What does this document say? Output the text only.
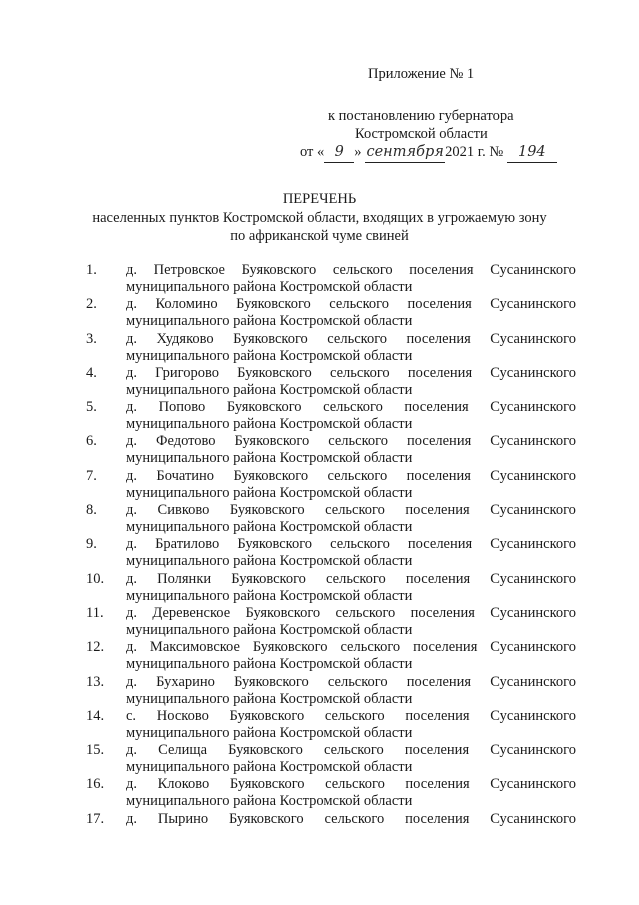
Приложение № 1
к постановлению губернатора
Костромской области
от « 9 » сентября2021 г. № 194
ПЕРЕЧЕНЬ
населенных пунктов Костромской области, входящих в угрожаемую зону
по африканской чуме свиней
1.	д. Петровское Буяковского сельского поселения Сусанинского
муниципального района Костромской области
2.	д. Коломино Буяковского сельского поселения Сусанинского
муниципального района Костромской области
3.	д. Худяково Буяковского сельского поселения Сусанинского
муниципального района Костромской области
4.	д. Григорово Буяковского сельского поселения Сусанинского
муниципального района Костромской области
5.	д. Попово Буяковского сельского поселения Сусанинского
муниципального района Костромской области
6.	д. Федотово Буяковского сельского поселения Сусанинского
муниципального района Костромской области
7.	д. Бочатино Буяковского сельского поселения Сусанинского
муниципального района Костромской области
8.	д. Сивково Буяковского сельского поселения Сусанинского
муниципального района Костромской области
9.	д. Братилово Буяковского сельского поселения Сусанинского
муниципального района Костромской области
10.	д. Полянки Буяковского сельского поселения Сусанинского
муниципального района Костромской области
11.	д. Деревенское Буяковского сельского поселения Сусанинского
муниципального района Костромской области
12.	д. Максимовское Буяковского сельского поселения Сусанинского
муниципального района Костромской области
13.	д. Бухарино Буяковского сельского поселения Сусанинского
муниципального района Костромской области
14.	с. Носково Буяковского сельского поселения Сусанинского
муниципального района Костромской области
15.	д. Селища Буяковского сельского поселения Сусанинского
муниципального района Костромской области
16.	д. Клоково Буяковского сельского поселения Сусанинского
муниципального района Костромской области
17.	д. Пырино Буяковского сельского поселения Сусанинского
